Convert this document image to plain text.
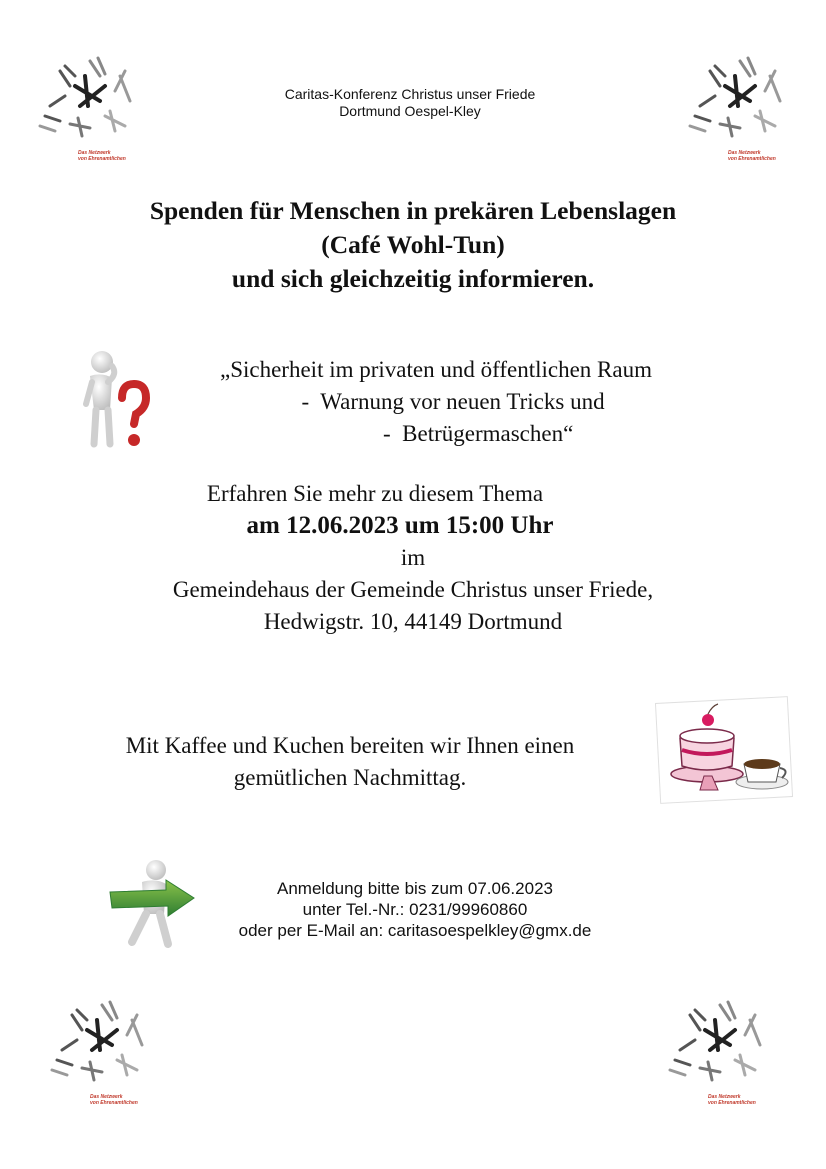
Das Netzwerk
von Ehrenamtlichen
Das Netzwerk
von Ehrenamtlichen
Das Netzwerk
von Ehrenamtlichen
Das Netzwerk
von Ehrenamtlichen
Caritas-Konferenz Christus unser Friede
Dortmund Oespel-Kley
Spenden für Menschen in prekären Lebenslagen
(Café Wohl-Tun)
und sich gleichzeitig informieren.
„Sicherheit im privaten und öffentlichen Raum
-  Warnung vor neuen Tricks und
-  Betrügermaschen“
Erfahren Sie mehr zu diesem Thema
am 12.06.2023 um 15:00 Uhr
im
Gemeindehaus der Gemeinde Christus unser Friede,
Hedwigstr. 10, 44149 Dortmund
Mit Kaffee und Kuchen bereiten wir Ihnen einen
gemütlichen Nachmittag.
Anmeldung bitte bis zum 07.06.2023
unter Tel.-Nr.: 0231/99960860
oder per E-Mail an: caritasoespelkley@gmx.de
